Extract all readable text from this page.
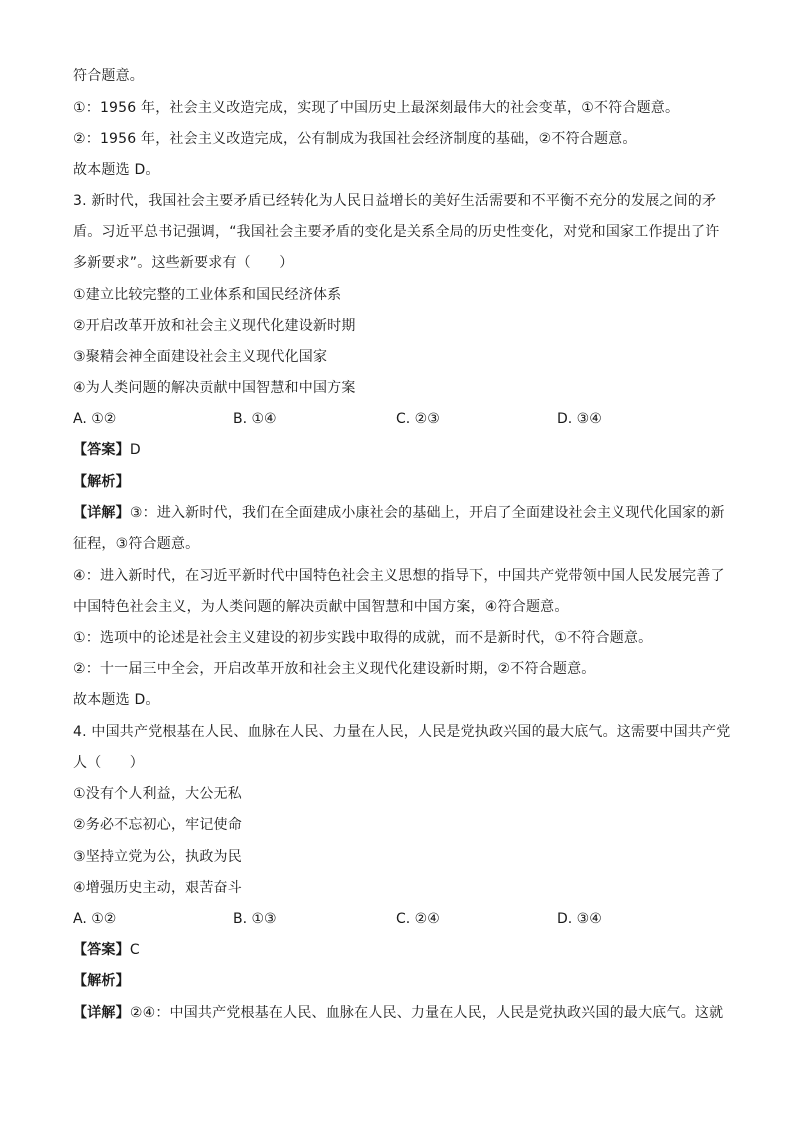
符合题意。
①：1956 年，社会主义改造完成，实现了中国历史上最深刻最伟大的社会变革，①不符合题意。
②：1956 年，社会主义改造完成，公有制成为我国社会经济制度的基础，②不符合题意。
故本题选 D。
3. 新时代，我国社会主要矛盾已经转化为人民日益增长的美好生活需要和不平衡不充分的发展之间的矛
盾。习近平总书记强调，“我国社会主要矛盾的变化是关系全局的历史性变化，对党和国家工作提出了许
多新要求”。这些新要求有（　　）
①建立比较完整的工业体系和国民经济体系
②开启改革开放和社会主义现代化建设新时期
③聚精会神全面建设社会主义现代化国家
④为人类问题的解决贡献中国智慧和中国方案
A. ①②	B. ①④	C. ②③	D. ③④
【答案】D
【解析】
【详解】③：进入新时代，我们在全面建成小康社会的基础上，开启了全面建设社会主义现代化国家的新
征程，③符合题意。
④：进入新时代，在习近平新时代中国特色社会主义思想的指导下，中国共产党带领中国人民发展完善了
中国特色社会主义，为人类问题的解决贡献中国智慧和中国方案，④符合题意。
①：选项中的论述是社会主义建设的初步实践中取得的成就，而不是新时代，①不符合题意。
②：十一届三中全会，开启改革开放和社会主义现代化建设新时期，②不符合题意。
故本题选 D。
4. 中国共产党根基在人民、血脉在人民、力量在人民，人民是党执政兴国的最大底气。这需要中国共产党
人（　　）
①没有个人利益，大公无私
②务必不忘初心，牢记使命
③坚持立党为公，执政为民
④增强历史主动，艰苦奋斗
A. ①②	B. ①③	C. ②④	D. ③④
【答案】C
【解析】
【详解】②④：中国共产党根基在人民、血脉在人民、力量在人民，人民是党执政兴国的最大底气。这就
